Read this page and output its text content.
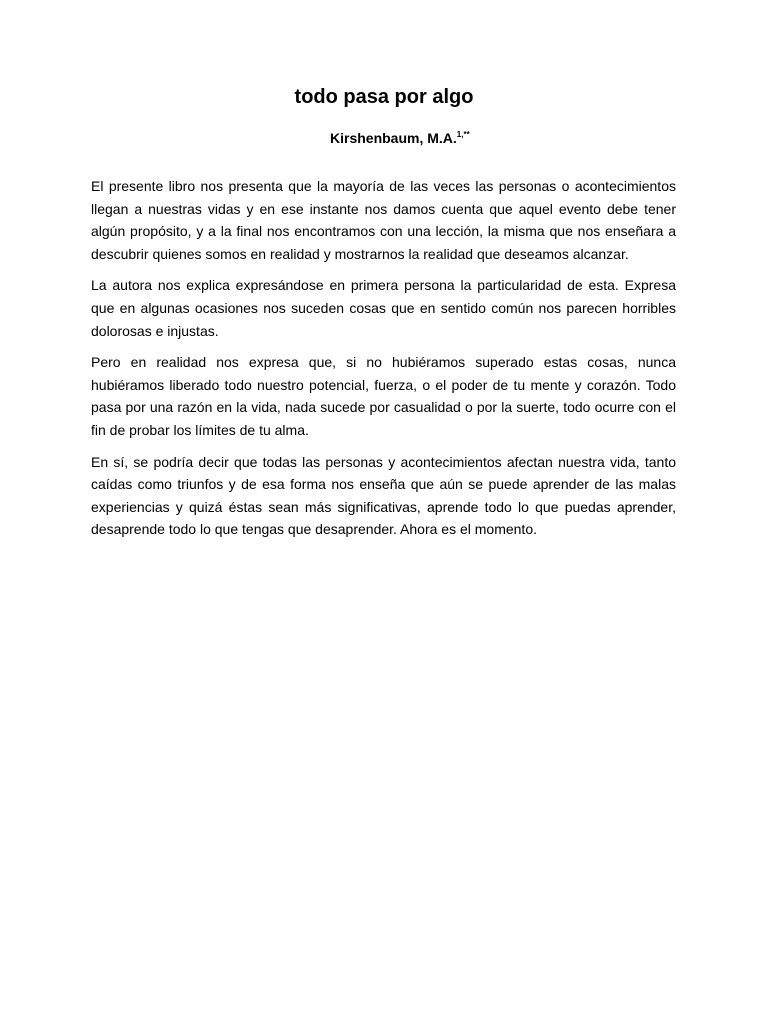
todo pasa por algo
Kirshenbaum, M.A.$^{1,**}$

El presente libro nos presenta que la mayoría de las veces las personas o acontecimientos llegan a nuestras vidas y en ese instante nos damos cuenta que aquel evento debe tener algún propósito, y a la final nos encontramos con una lección, la misma que nos enseñara a descubrir quienes somos en realidad y mostrarnos la realidad que deseamos alcanzar.

La autora nos explica expresándose en primera persona la particularidad de esta. Expresa que en algunas ocasiones nos suceden cosas que en sentido común nos parecen horribles dolorosas e injustas.

Pero en realidad nos expresa que, si no hubiéramos superado estas cosas, nunca hubiéramos liberado todo nuestro potencial, fuerza, o el poder de tu mente y corazón. Todo pasa por una razón en la vida, nada sucede por casualidad o por la suerte, todo ocurre con el fin de probar los límites de tu alma.

En sí, se podría decir que todas las personas y acontecimientos afectan nuestra vida, tanto caídas como triunfos y de esa forma nos enseña que aún se puede aprender de las malas experiencias y quizá éstas sean más significativas, aprende todo lo que puedas aprender, desaprende todo lo que tengas que desaprender. Ahora es el momento.
